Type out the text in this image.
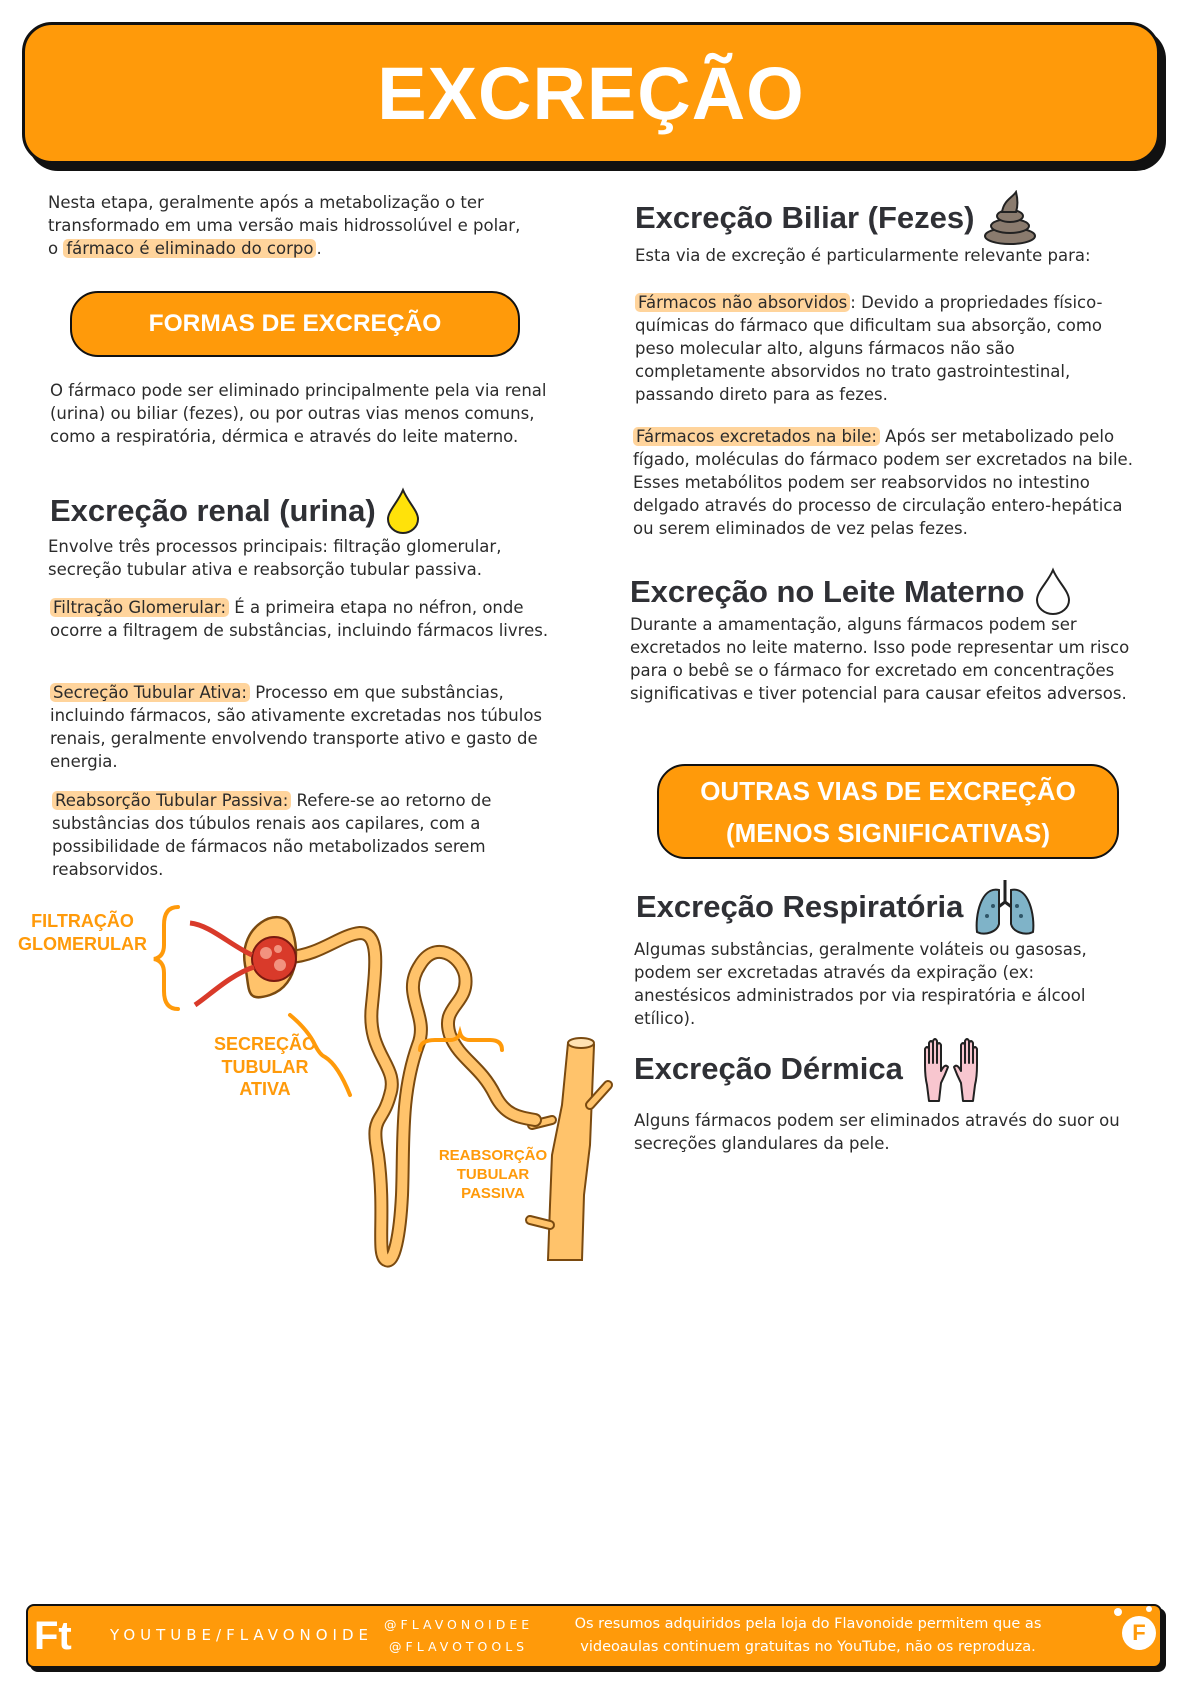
EXCREÇÃO

Nesta etapa, geralmente após a metabolização o ter transformado em uma versão mais hidrossolúvel e polar, o fármaco é eliminado do corpo .

FORMAS DE EXCREÇÃO

O fármaco pode ser eliminado principalmente pela via renal (urina) ou biliar (fezes), ou por outras vias menos comuns, como a respiratória, dérmica e através do leite materno.

Excreção renal (urina)

Envolve três processos principais: filtração glomerular, secreção tubular ativa e reabsorção tubular passiva.

Filtração Glomerular: É a primeira etapa no néfron, onde ocorre a filtragem de substâncias, incluindo fármacos livres.

Secreção Tubular Ativa: Processo em que substâncias, incluindo fármacos, são ativamente excretadas nos túbulos renais, geralmente envolvendo transporte ativo e gasto de energia.

Reabsorção Tubular Passiva: Refere-se ao retorno de substâncias dos túbulos renais aos capilares, com a possibilidade de fármacos não metabolizados serem reabsorvidos.

FILTRAÇÃO
GLOMERULAR
SECREÇÃO
TUBULAR
ATIVA
REABSORÇÃO
TUBULAR
PASSIVA
Excreção Biliar (Fezes)

Esta via de excreção é particularmente relevante para:

Fármacos não absorvidos : Devido a propriedades físico-químicas do fármaco que dificultam sua absorção, como peso molecular alto, alguns fármacos não são completamente absorvidos no trato gastrointestinal, passando direto para as fezes.

Fármacos excretados na bile: Após ser metabolizado pelo fígado, moléculas do fármaco podem ser excretados na bile. Esses metabólitos podem ser reabsorvidos no intestino delgado através do processo de circulação entero-hepática ou serem eliminados de vez pelas fezes.

Excreção no Leite Materno

Durante a amamentação, alguns fármacos podem ser excretados no leite materno. Isso pode representar um risco para o bebê se o fármaco for excretado em concentrações significativas e tiver potencial para causar efeitos adversos.

OUTRAS VIAS DE EXCREÇÃO
(MENOS SIGNIFICATIVAS)
Excreção Respiratória

Algumas substâncias, geralmente voláteis ou gasosas, podem ser excretadas através da expiração (ex: anestésicos administrados por via respiratória e álcool etílico).

Excreção Dérmica

Alguns fármacos podem ser eliminados através do suor ou secreções glandulares da pele.

Ft	YOUTUBE/FLAVONOIDE
@FLAVONOIDEE
@FLAVOTOOLS
Os resumos adquiridos pela loja do Flavonoide permitem que as videoaulas continuem gratuitas no YouTube, não os reproduza.
F
